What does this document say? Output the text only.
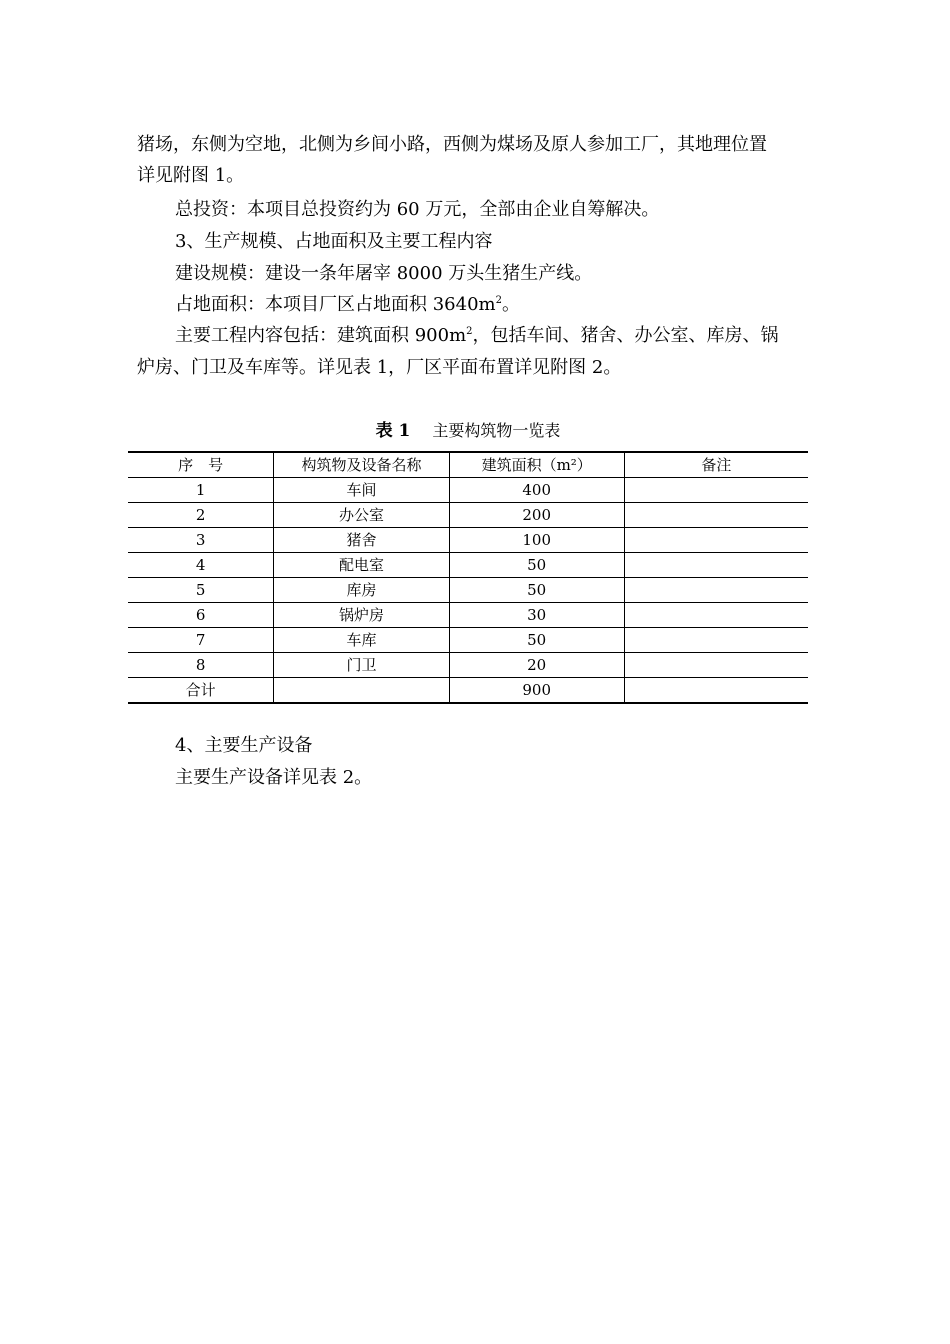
猪场，东侧为空地，北侧为乡间小路，西侧为煤场及原人参加工厂，其地理位置
详见附图 1。
总投资：本项目总投资约为 60 万元，全部由企业自筹解决。
3、生产规模、占地面积及主要工程内容
建设规模：建设一条年屠宰 8000 万头生猪生产线。
占地面积：本项目厂区占地面积 $3640m^2$。
主要工程内容包括：建筑面积 $900m^2$，包括车间、猪舍、办公室、库房、锅
炉房、门卫及车库等。详见表 1，厂区平面布置详见附图 2。
表 1 主要构筑物一览表
序　号	构筑物及设备名称	建筑面积（m²）	备注
1	车间	400	
2	办公室	200	
3	猪舍	100	
4	配电室	50	
5	库房	50	
6	锅炉房	30	
7	车库	50	
8	门卫	20	
合计		900	
4、主要生产设备
主要生产设备详见表 2。
